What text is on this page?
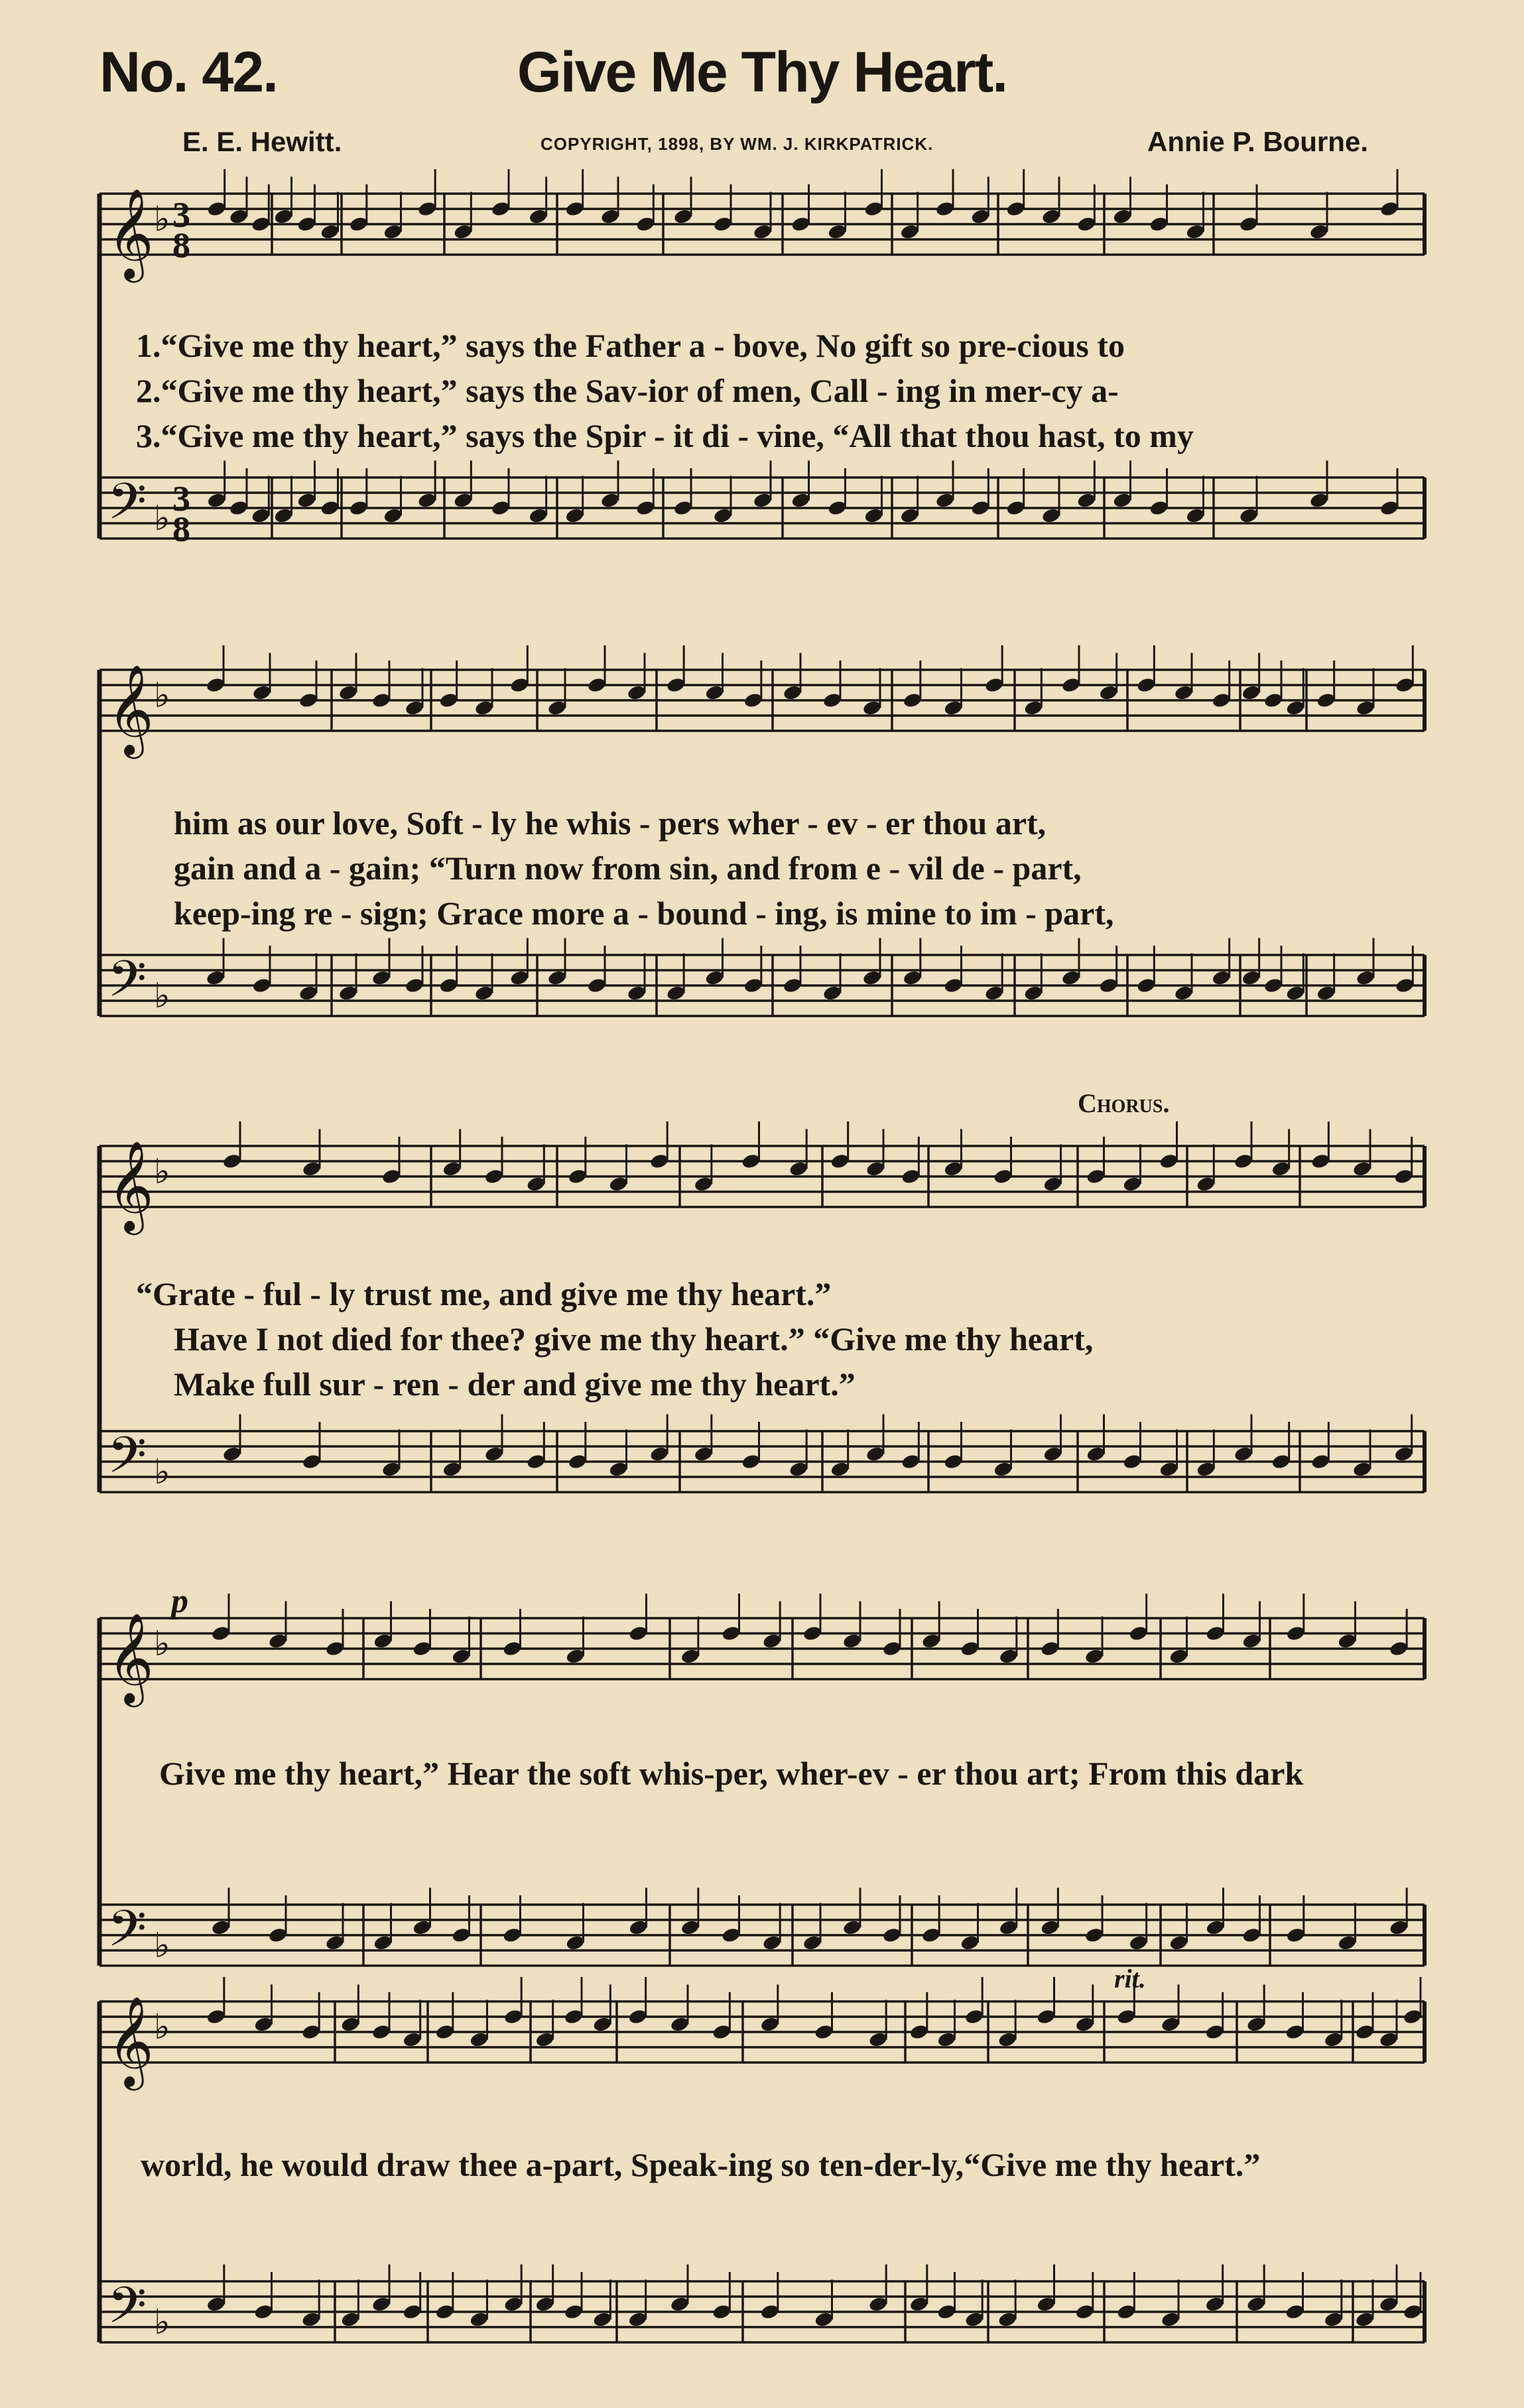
No. 42.	Give Me Thy Heart.
E. E. Hewitt.	COPYRIGHT, 1898, BY WM. J. KIRKPATRICK.	Annie P. Bourne.
𝄞
𝄢
♭
♭
3
3
8
8
𝄞
𝄢
♭
♭
𝄞
𝄢
♭
♭
𝄞
𝄢
♭
♭
𝄞
𝄢
♭
♭
1.“Give me thy heart,” says the Father a - bove, No gift so pre-cious to
2.“Give me thy heart,” says the Sav-ior of men, Call - ing in mer-cy a-
3.“Give me thy heart,” says the Spir - it di - vine, “All that thou hast, to my
him as our love, Soft - ly he whis - pers wher - ev - er thou art,
gain and a - gain; “Turn now from sin, and from e - vil de - part,
keep-ing re - sign; Grace more a - bound - ing, is mine to im - part,
“Grate - ful - ly trust me, and give me thy heart.”
Have I not died for thee? give me thy heart.” “Give me thy heart,
Make full sur - ren - der and give me thy heart.”
Give me thy heart,” Hear the soft whis-per, wher-ev - er thou art; From this dark
world, he would draw thee a-part, Speak-ing so ten-der-ly,“Give me thy heart.”
Chorus.
p
rit.
